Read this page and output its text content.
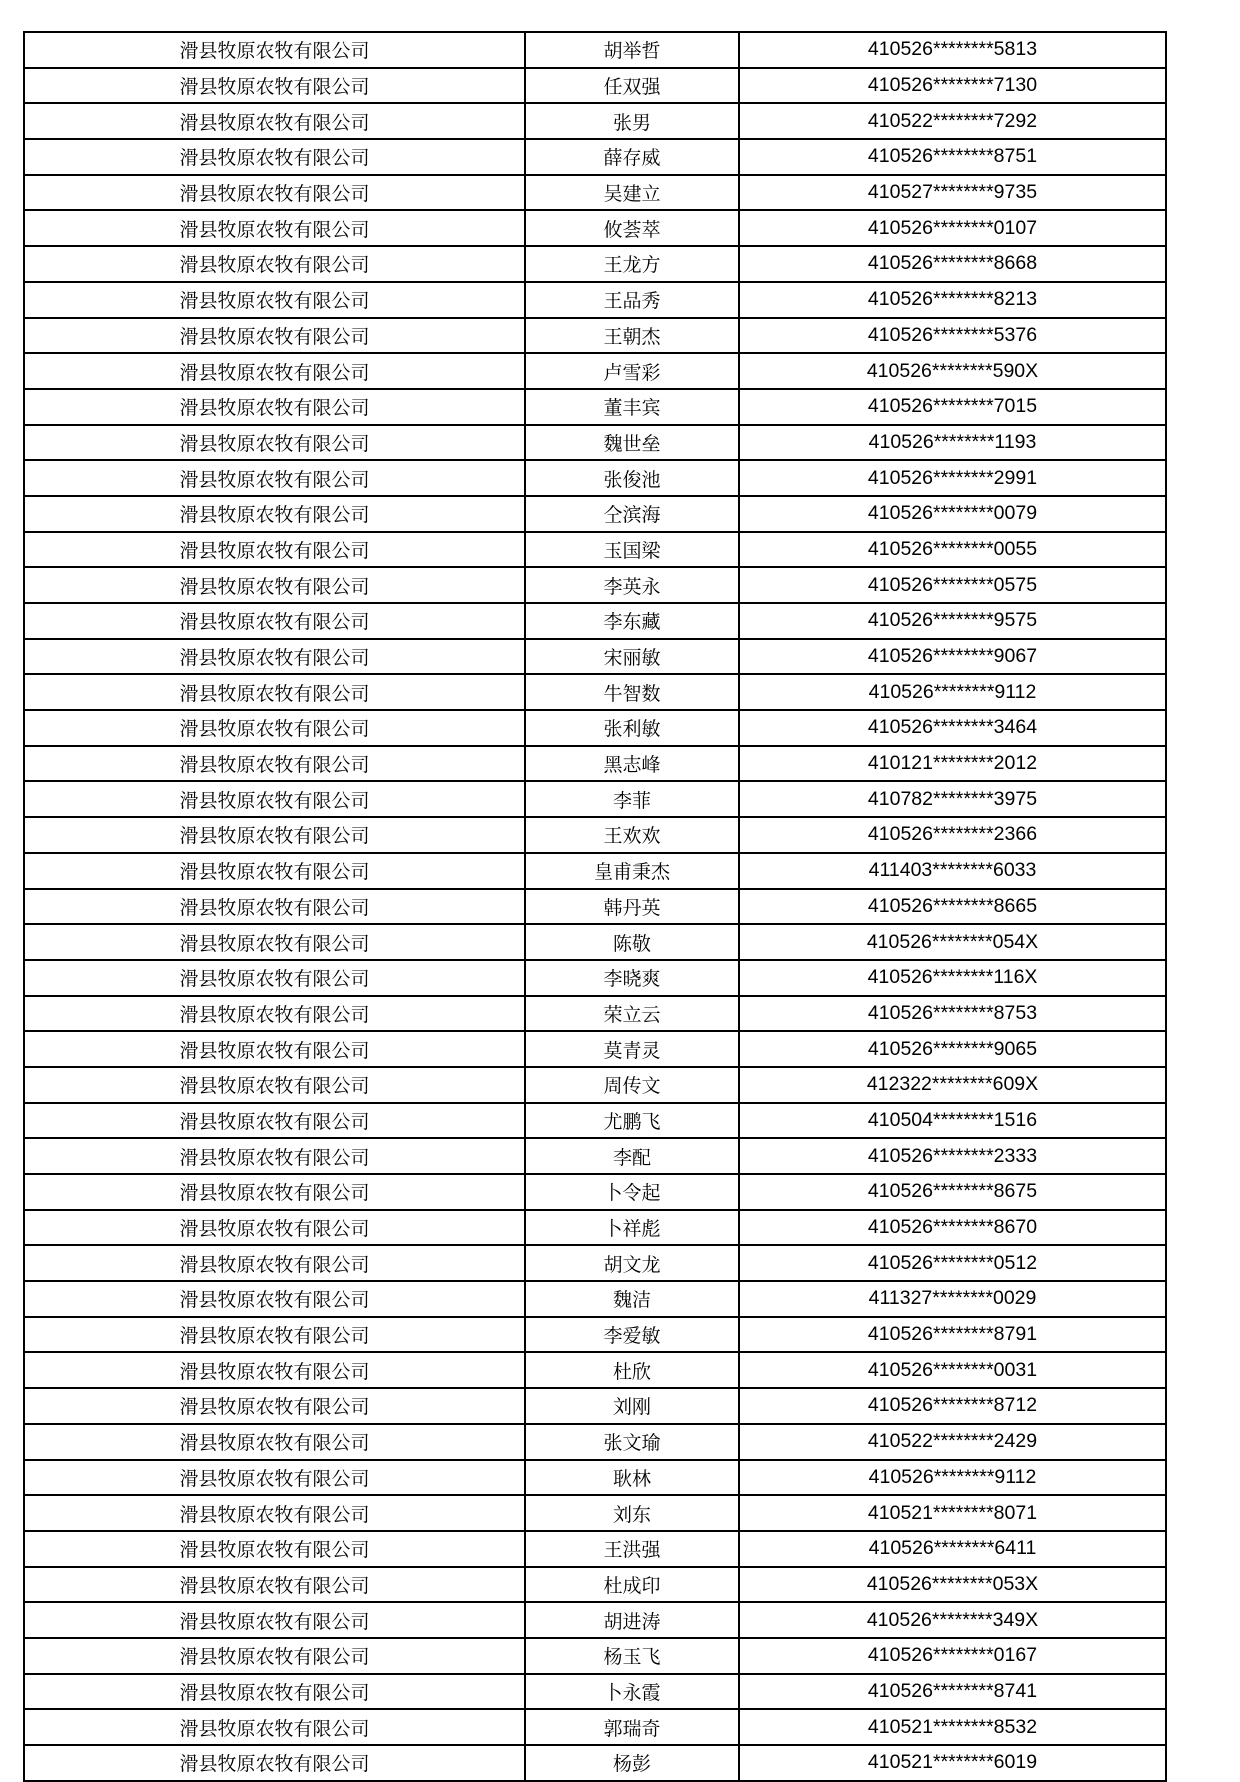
滑县牧原农牧有限公司	胡举哲	410526********5813
滑县牧原农牧有限公司	任双强	410526********7130
滑县牧原农牧有限公司	张男	410522********7292
滑县牧原农牧有限公司	薛存威	410526********8751
滑县牧原农牧有限公司	吴建立	410527********9735
滑县牧原农牧有限公司	攸荟萃	410526********0107
滑县牧原农牧有限公司	王龙方	410526********8668
滑县牧原农牧有限公司	王品秀	410526********8213
滑县牧原农牧有限公司	王朝杰	410526********5376
滑县牧原农牧有限公司	卢雪彩	410526********590X
滑县牧原农牧有限公司	董丰宾	410526********7015
滑县牧原农牧有限公司	魏世垒	410526********1193
滑县牧原农牧有限公司	张俊池	410526********2991
滑县牧原农牧有限公司	仝滨海	410526********0079
滑县牧原农牧有限公司	玉国梁	410526********0055
滑县牧原农牧有限公司	李英永	410526********0575
滑县牧原农牧有限公司	李东藏	410526********9575
滑县牧原农牧有限公司	宋丽敏	410526********9067
滑县牧原农牧有限公司	牛智数	410526********9112
滑县牧原农牧有限公司	张利敏	410526********3464
滑县牧原农牧有限公司	黑志峰	410121********2012
滑县牧原农牧有限公司	李菲	410782********3975
滑县牧原农牧有限公司	王欢欢	410526********2366
滑县牧原农牧有限公司	皇甫秉杰	411403********6033
滑县牧原农牧有限公司	韩丹英	410526********8665
滑县牧原农牧有限公司	陈敬	410526********054X
滑县牧原农牧有限公司	李晓爽	410526********116X
滑县牧原农牧有限公司	荣立云	410526********8753
滑县牧原农牧有限公司	莫青灵	410526********9065
滑县牧原农牧有限公司	周传文	412322********609X
滑县牧原农牧有限公司	尤鹏飞	410504********1516
滑县牧原农牧有限公司	李配	410526********2333
滑县牧原农牧有限公司	卜令起	410526********8675
滑县牧原农牧有限公司	卜祥彪	410526********8670
滑县牧原农牧有限公司	胡文龙	410526********0512
滑县牧原农牧有限公司	魏洁	411327********0029
滑县牧原农牧有限公司	李爱敏	410526********8791
滑县牧原农牧有限公司	杜欣	410526********0031
滑县牧原农牧有限公司	刘刚	410526********8712
滑县牧原农牧有限公司	张文瑜	410522********2429
滑县牧原农牧有限公司	耿林	410526********9112
滑县牧原农牧有限公司	刘东	410521********8071
滑县牧原农牧有限公司	王洪强	410526********6411
滑县牧原农牧有限公司	杜成印	410526********053X
滑县牧原农牧有限公司	胡进涛	410526********349X
滑县牧原农牧有限公司	杨玉飞	410526********0167
滑县牧原农牧有限公司	卜永霞	410526********8741
滑县牧原农牧有限公司	郭瑞奇	410521********8532
滑县牧原农牧有限公司	杨彭	410521********6019
